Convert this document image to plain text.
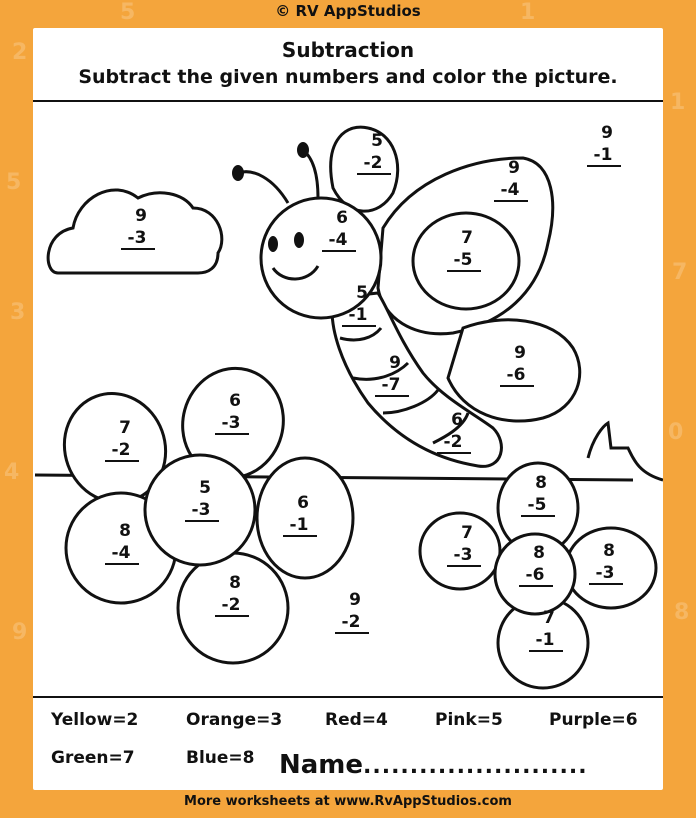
2
5
3
4
9
1
7
0
8
5	1
© RV AppStudios
Subtraction
Subtract the given numbers and color the picture.
9
-3
5
-2
9
-1
9
-4
6
-4	7
-5
5
-1
9
-6
9
-7
6
-2
7
-2
6
-3
5
-3	6
-1
8
-4
8
-2	9
-2
8
-5
7
-3	8
-6
8
-3
7
-1
Yellow=2	Orange=3	Red=4	Pink=5	Purple=6
Green=7	Blue=8 Name ........................
More worksheets at www.RvAppStudios.com
